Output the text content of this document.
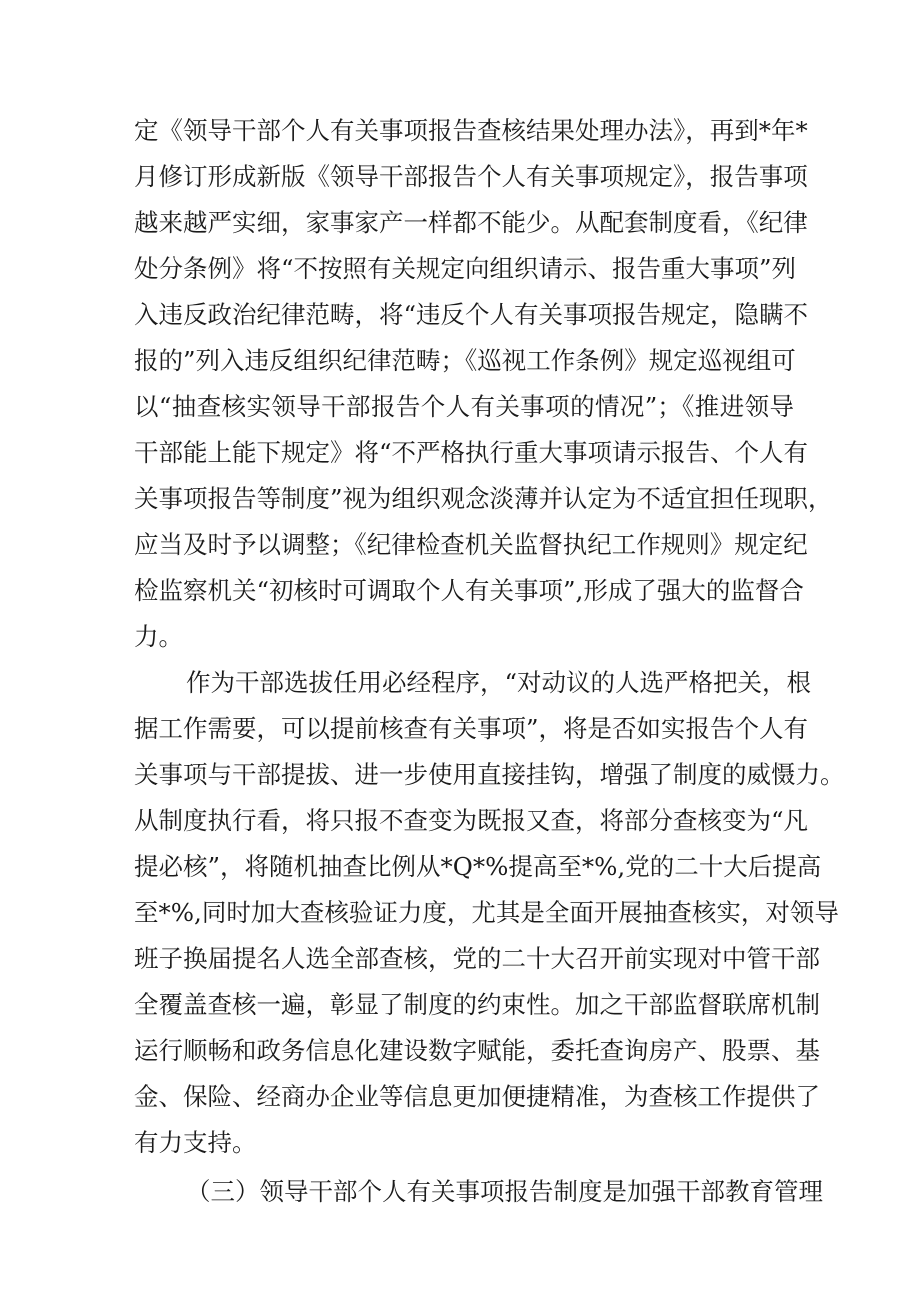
定《领导干部个人有关事项报告查核结果处理办法》，再到*年*

月修订形成新版《领导干部报告个人有关事项规定》，报告事项

越来越严实细，家事家产一样都不能少。从配套制度看，《纪律

处分条例》将“不按照有关规定向组织请示、报告重大事项”列

入违反政治纪律范畴，将“违反个人有关事项报告规定，隐瞒不

报的”列入违反组织纪律范畴；《巡视工作条例》规定巡视组可

以“抽查核实领导干部报告个人有关事项的情况”；《推进领导

干部能上能下规定》将“不严格执行重大事项请示报告、个人有

关事项报告等制度”视为组织观念淡薄并认定为不适宜担任现职，

应当及时予以调整；《纪律检查机关监督执纪工作规则》规定纪

检监察机关“初核时可调取个人有关事项”,形成了强大的监督合

力。

作为干部选拔任用必经程序，“对动议的人选严格把关，根

据工作需要，可以提前核查有关事项”，将是否如实报告个人有

关事项与干部提拔、进一步使用直接挂钩，增强了制度的威慑力。

从制度执行看，将只报不查变为既报又查，将部分查核变为“凡

提必核”，将随机抽查比例从*Q*%提高至*%,党的二十大后提高

至*%,同时加大查核验证力度，尤其是全面开展抽查核实，对领导

班子换届提名人选全部查核，党的二十大召开前实现对中管干部

全覆盖查核一遍，彰显了制度的约束性。加之干部监督联席机制

运行顺畅和政务信息化建设数字赋能，委托查询房产、股票、基

金、保险、经商办企业等信息更加便捷精准，为查核工作提供了

有力支持。

（三）领导干部个人有关事项报告制度是加强干部教育管理
